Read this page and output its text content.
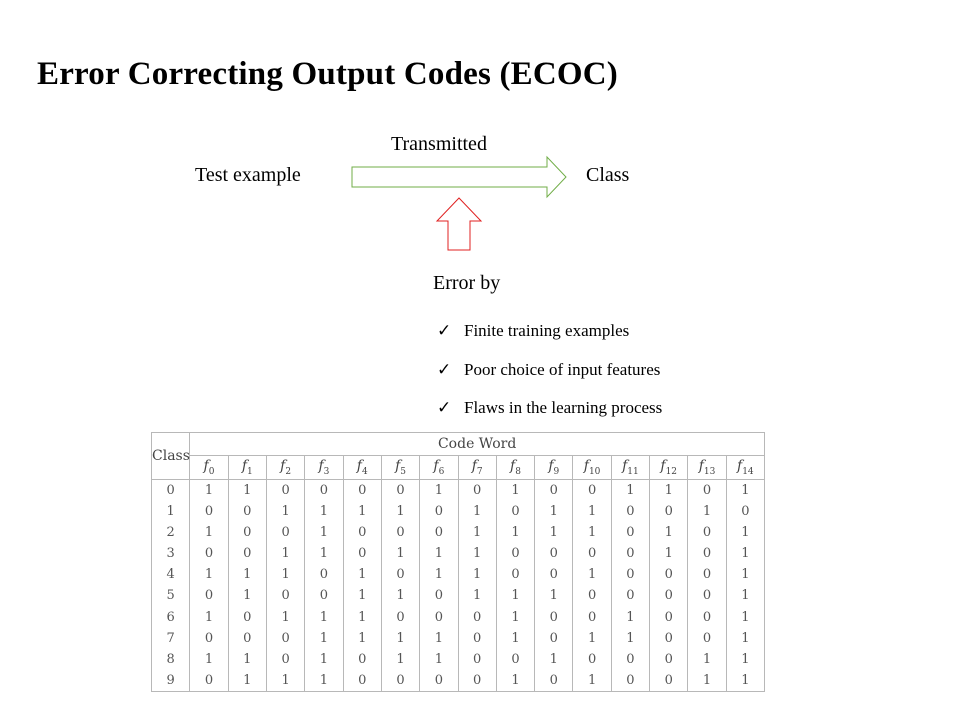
Error Correcting Output Codes (ECOC)
Transmitted
Test example	Class
Error by
✓ Finite training examples
✓ Poor choice of input features
✓ Flaws in the learning process
Class	Code Word														
	$f_0$	$f_1$	$f_2$	$f_3$	$f_4$	$f_5$	$f_6$	$f_7$	$f_8$	$f_9$	$f_{10}$	$f_{11}$	$f_{12}$	$f_{13}$	$f_{14}$
0	1	1	0	0	0	0	1	0	1	0	0	1	1	0	1
1	0	0	1	1	1	1	0	1	0	1	1	0	0	1	0
2	1	0	0	1	0	0	0	1	1	1	1	0	1	0	1
3	0	0	1	1	0	1	1	1	0	0	0	0	1	0	1
4	1	1	1	0	1	0	1	1	0	0	1	0	0	0	1
5	0	1	0	0	1	1	0	1	1	1	0	0	0	0	1
6	1	0	1	1	1	0	0	0	1	0	0	1	0	0	1
7	0	0	0	1	1	1	1	0	1	0	1	1	0	0	1
8	1	1	0	1	0	1	1	0	0	1	0	0	0	1	1
9	0	1	1	1	0	0	0	0	1	0	1	0	0	1	1
